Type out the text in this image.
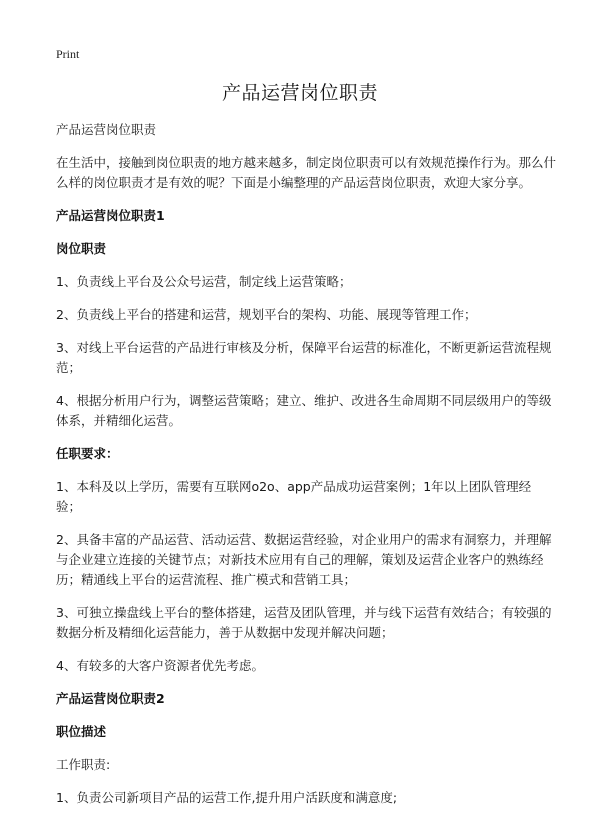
Print
产品运营岗位职责

产品运营岗位职责

在生活中，接触到岗位职责的地方越来越多，制定岗位职责可以有效规范操作行为。那么什么样的岗位职责才是有效的呢？下面是小编整理的产品运营岗位职责，欢迎大家分享。

产品运营岗位职责1

岗位职责

1、负责线上平台及公众号运营，制定线上运营策略；

2、负责线上平台的搭建和运营，规划平台的架构、功能、展现等管理工作；

3、对线上平台运营的产品进行审核及分析，保障平台运营的标准化，不断更新运营流程规范；

4、根据分析用户行为，调整运营策略；建立、维护、改进各生命周期不同层级用户的等级体系，并精细化运营。

任职要求：

1、本科及以上学历，需要有互联网o2o、app产品成功运营案例；1年以上团队管理经验；

2、具备丰富的产品运营、活动运营、数据运营经验，对企业用户的需求有洞察力，并理解与企业建立连接的关键节点；对新技术应用有自己的理解，策划及运营企业客户的熟练经历；精通线上平台的运营流程、推广模式和营销工具；

3、可独立操盘线上平台的整体搭建，运营及团队管理，并与线下运营有效结合；有较强的数据分析及精细化运营能力，善于从数据中发现并解决问题；

4、有较多的大客户资源者优先考虑。

产品运营岗位职责2

职位描述

工作职责:

1、负责公司新项目产品的运营工作,提升用户活跃度和满意度;
